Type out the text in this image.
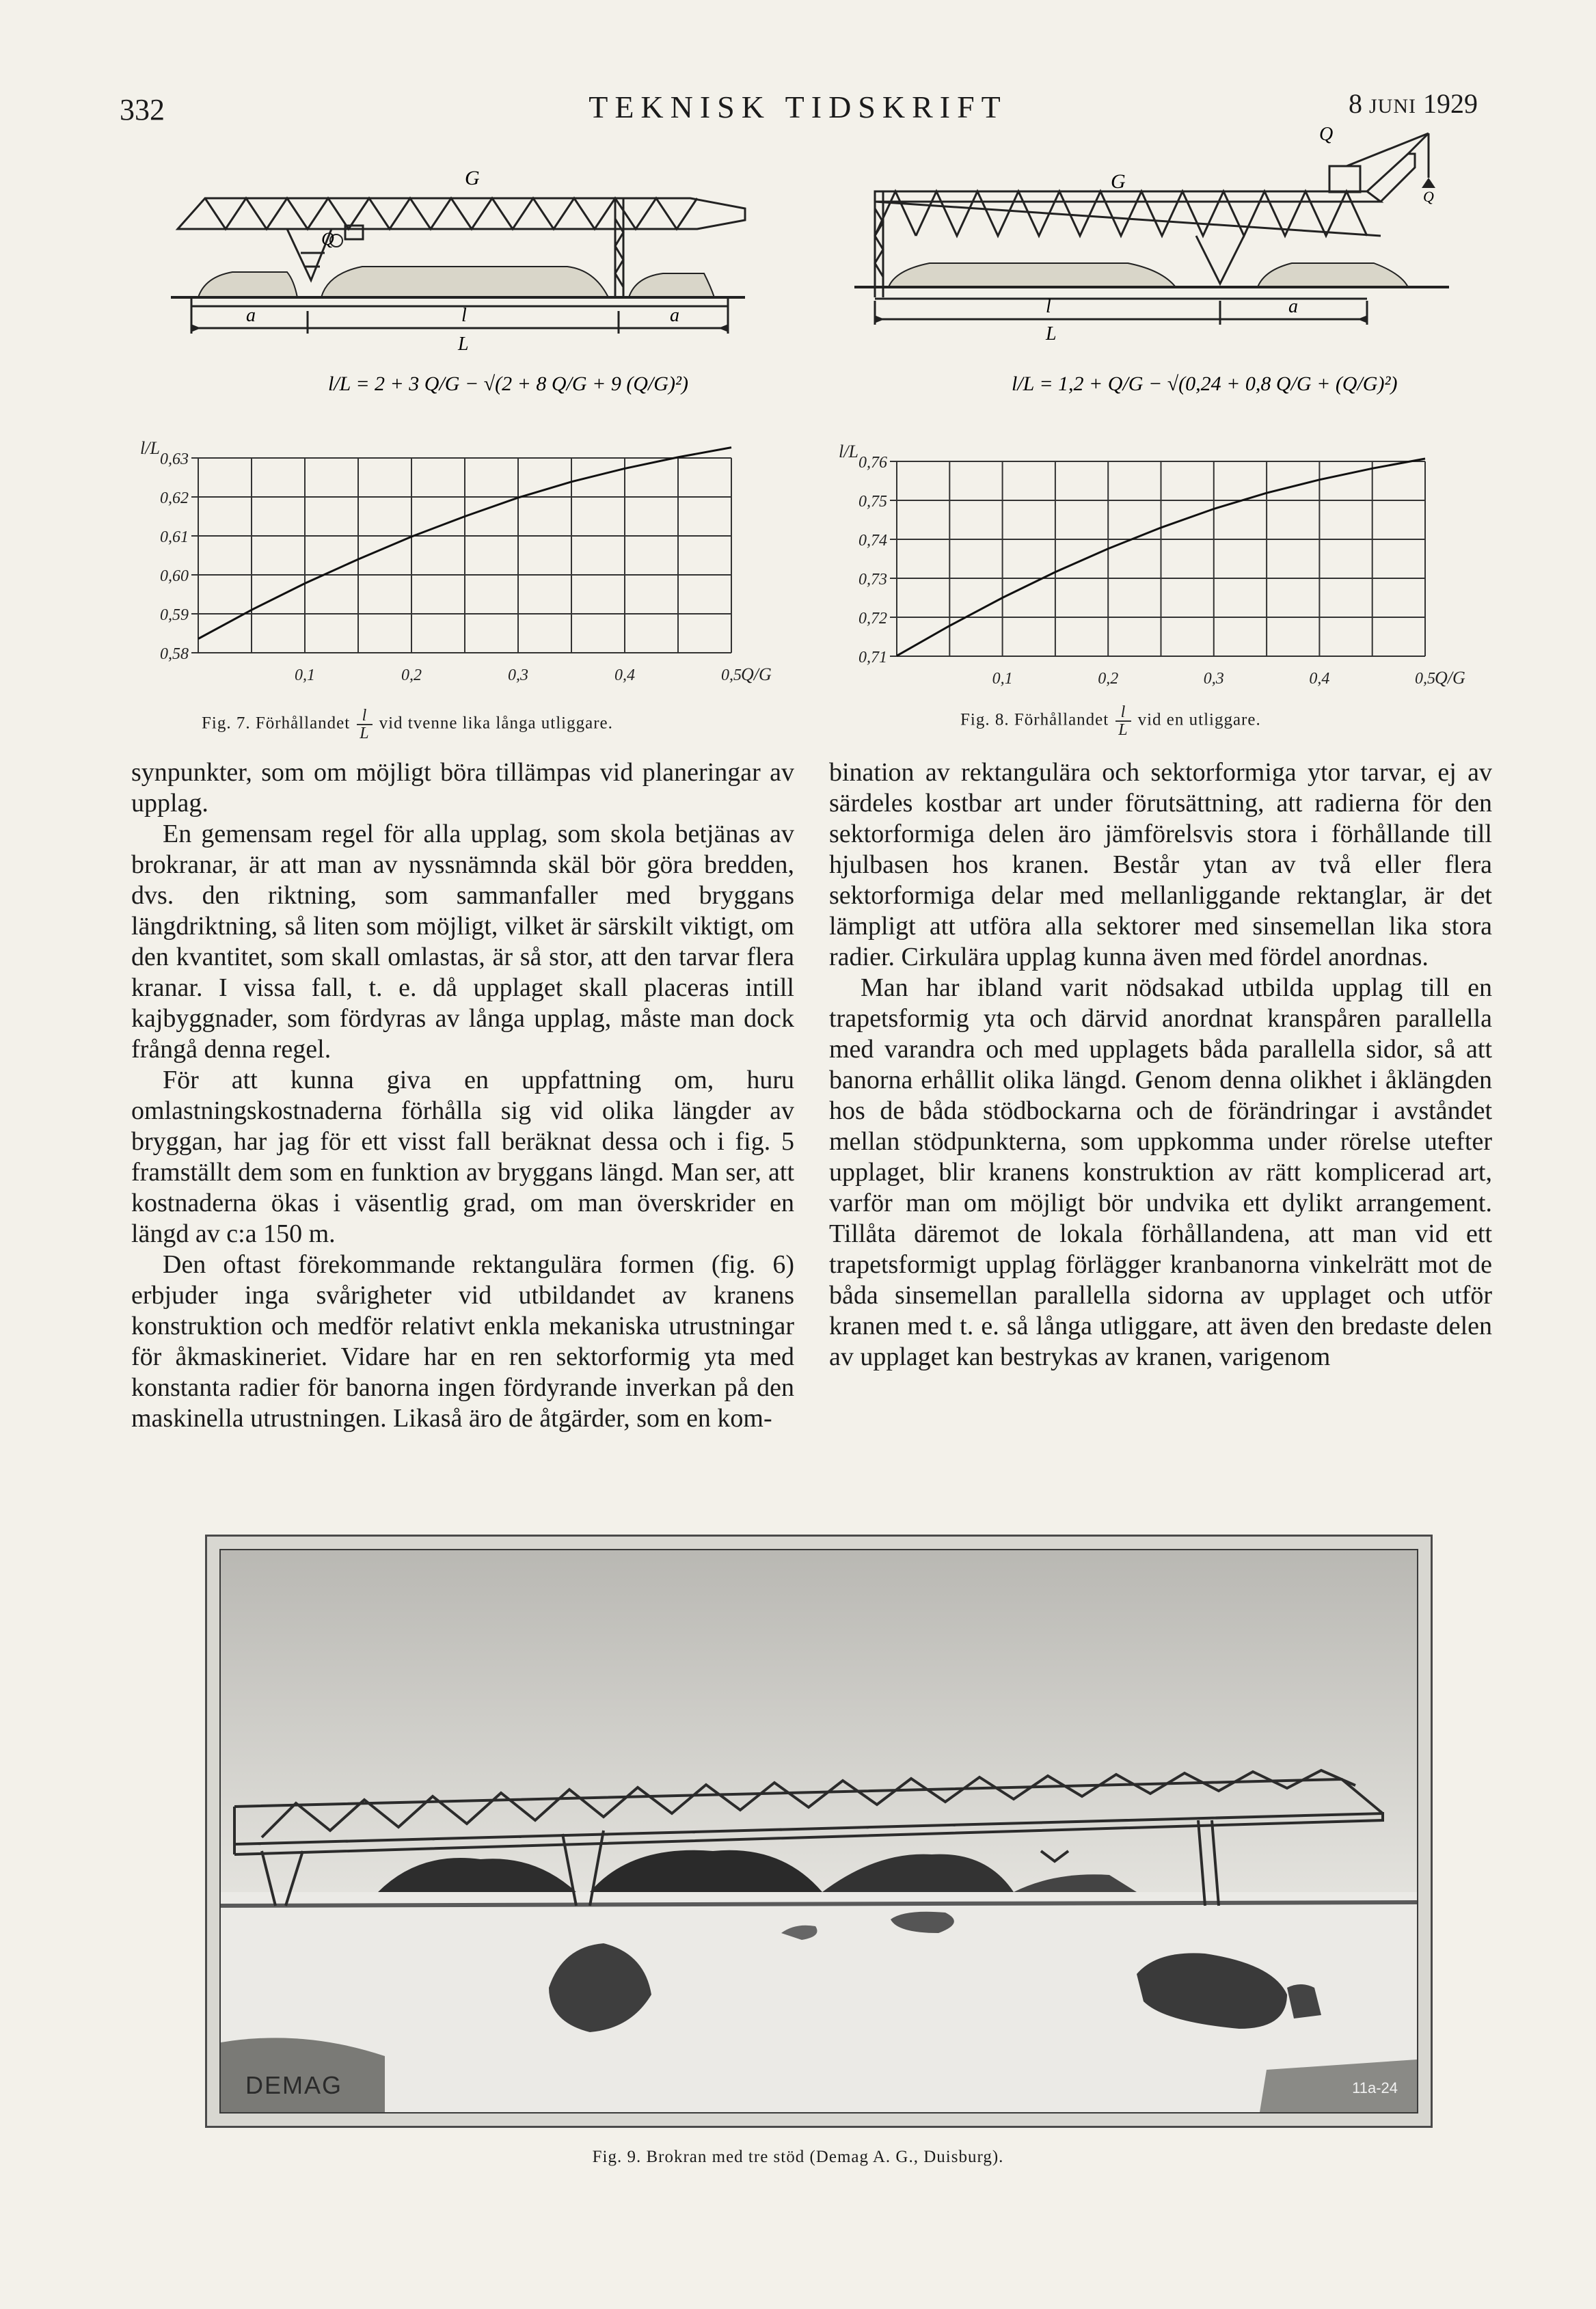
332	TEKNISK TIDSKRIFT	8 JUNI 1929
G
Q
a	l	a
L
l/L = 2 + 3 Q/G − √(2 + 8 Q/G + 9 (Q/G)²)
0,58
0,59
0,60
0,61
0,62
0,63
0,1	0,2	0,3	0,4	0,5
l/L
Q/G
Fig. 7. Förhållandet $\frac{l}{L}$ vid tvenne lika långa utliggare.
G
Q
Q
l	a
L
l/L = 1,2 + Q/G − √(0,24 + 0,8 Q/G + (Q/G)²)
0,71
0,72
0,73
0,74
0,75
0,76
0,1	0,2	0,3	0,4	0,5
l/L
Q/G
Fig. 8. Förhållandet $\frac{l}{L}$ vid en utliggare.

synpunkter, som om möjligt böra tillämpas vid planeringar av upplag.

En gemensam regel för alla upplag, som skola betjänas av brokranar, är att man av nyssnämnda skäl bör göra bredden, dvs. den riktning, som sammanfaller med bryggans längdriktning, så liten som möjligt, vilket är särskilt viktigt, om den kvantitet, som skall omlastas, är så stor, att den tarvar flera kranar. I vissa fall, t. e. då upplaget skall placeras intill kajbyggnader, som fördyras av långa upplag, måste man dock frångå denna regel.

För att kunna giva en uppfattning om, huru omlastningskostnaderna förhålla sig vid olika längder av bryggan, har jag för ett visst fall beräknat dessa och i fig. 5 framställt dem som en funktion av bryggans längd. Man ser, att kostnaderna ökas i väsentlig grad, om man överskrider en längd av c:a 150 m.

Den oftast förekommande rektangulära formen (fig. 6) erbjuder inga svårigheter vid utbildandet av kranens konstruktion och medför relativt enkla mekaniska utrustningar för åkmaskineriet. Vidare har en ren sektorformig yta med konstanta radier för banorna ingen fördyrande inverkan på den maskinella utrustningen. Likaså äro de åtgärder, som en kom-

bination av rektangulära och sektorformiga ytor tarvar, ej av särdeles kostbar art under förutsättning, att radierna för den sektorformiga delen äro jämförelsvis stora i förhållande till hjulbasen hos kranen. Består ytan av två eller flera sektorformiga delar med mellanliggande rektanglar, är det lämpligt att utföra alla sektorer med sinsemellan lika stora radier. Cirkulära upplag kunna även med fördel anordnas.

Man har ibland varit nödsakad utbilda upplag till en trapetsformig yta och därvid anordnat kranspåren parallella med varandra och med upplagets båda parallella sidor, så att banorna erhållit olika längd. Genom denna olikhet i åklängden hos de båda stödbockarna och de förändringar i avståndet mellan stödpunkterna, som uppkomma under rörelse utefter upplaget, blir kranens konstruktion av rätt komplicerad art, varför man om möjligt bör undvika ett dylikt arrangement. Tillåta däremot de lokala förhållandena, att man vid ett trapetsformigt upplag förlägger kranbanorna vinkelrätt mot de båda sinsemellan parallella sidorna av upplaget och utför kranen med t. e. så långa utliggare, att även den bredaste delen av upplaget kan bestrykas av kranen, varigenom

DEMAG	11a-24
Fig. 9. Brokran med tre stöd (Demag A. G., Duisburg).
